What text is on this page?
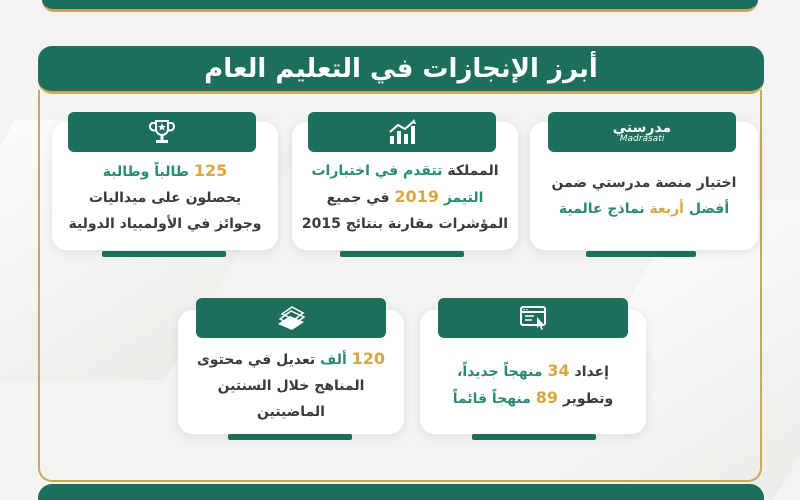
أبرز الإنجازات في التعليم العام
مدرستي
Madrasati
اختيار منصة مدرستي ضمن
أفضل أربعة نماذج عالمية
المملكة تتقدم في اختبارات
التيمز 2019 في جميع
المؤشرات مقارنة بنتائج 2015
125 طالباً وطالبة
يحصلون على ميداليات
وجوائز في الأولمبياد الدولية
إعداد 34 منهجاً جديداً،
وتطوير 89 منهجاً قائماً
120 ألف تعديل في محتوى
المناهج خلال السنتين
الماضيتين
